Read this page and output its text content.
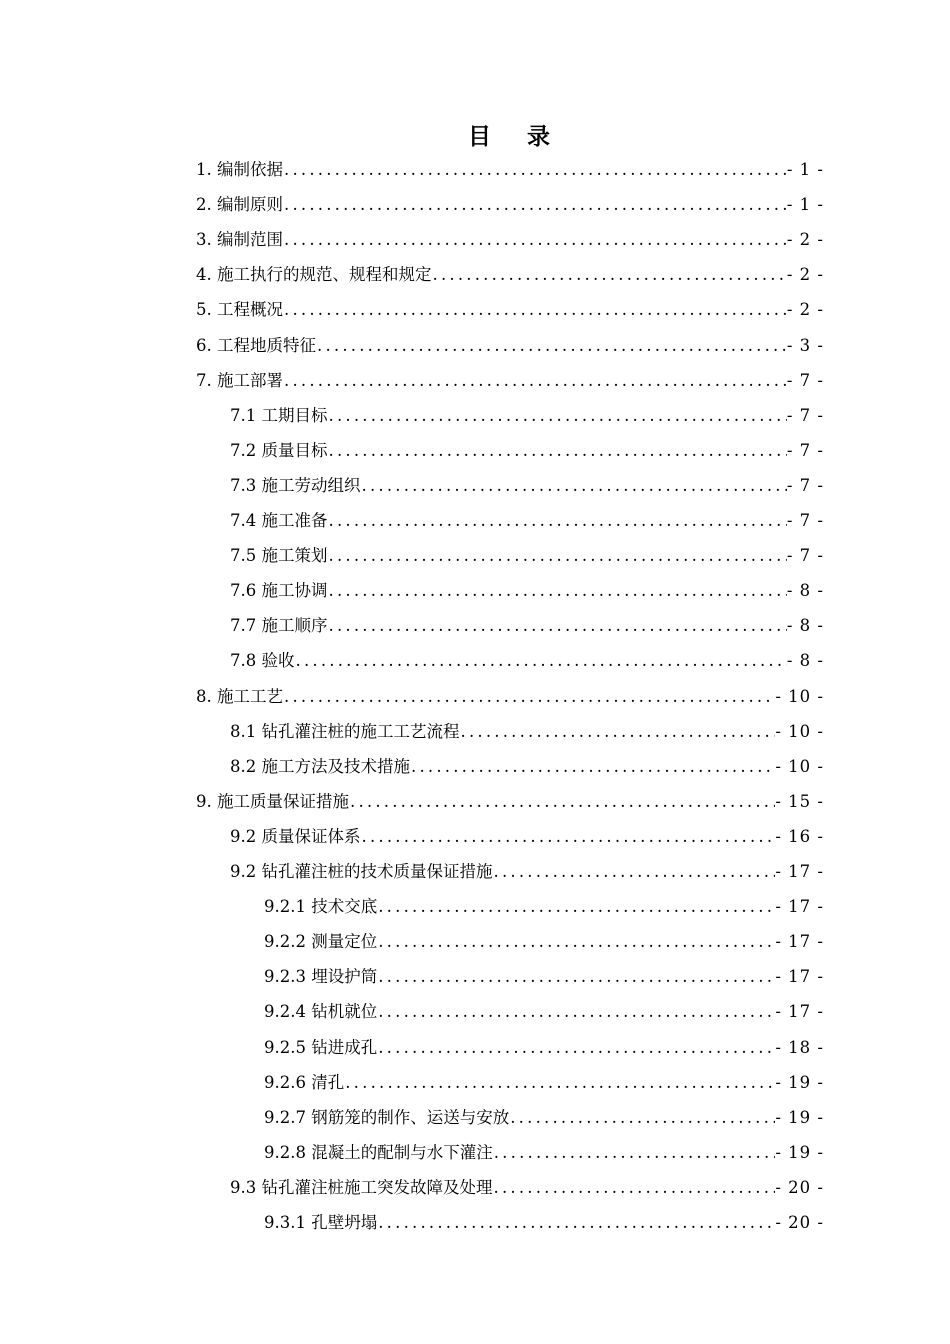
目 录
1. 编制依据 .....	- 1 -
2. 编制原则 .....	- 1 -
3. 编制范围 .....	- 2 -
4. 施工执行的规范、规程和规定 .....	- 2 -
5. 工程概况 .....	- 2 -
6. 工程地质特征 .....	- 3 -
7. 施工部署 .....	- 7 -
7.1 工期目标 .....	- 7 -
7.2 质量目标 .....	- 7 -
7.3 施工劳动组织 .....	- 7 -
7.4 施工准备 .....	- 7 -
7.5 施工策划 .....	- 7 -
7.6 施工协调 .....	- 8 -
7.7 施工顺序 .....	- 8 -
7.8 验收 .....	- 8 -
8. 施工工艺 .....	- 10 -
8.1 钻孔灌注桩的施工工艺流程 .....	- 10 -
8.2 施工方法及技术措施 .....	- 10 -
9. 施工质量保证措施 .....	- 15 -
9.2 质量保证体系 .....	- 16 -
9.2 钻孔灌注桩的技术质量保证措施 .....	- 17 -
9.2.1 技术交底 .....	- 17 -
9.2.2 测量定位 .....	- 17 -
9.2.3 埋设护筒 .....	- 17 -
9.2.4 钻机就位 .....	- 17 -
9.2.5 钻进成孔 .....	- 18 -
9.2.6 清孔 .....	- 19 -
9.2.7 钢筋笼的制作、运送与安放 .....	- 19 -
9.2.8 混凝土的配制与水下灌注 .....	- 19 -
9.3 钻孔灌注桩施工突发故障及处理 .....	- 20 -
9.3.1 孔壁坍塌 .....	- 20 -
